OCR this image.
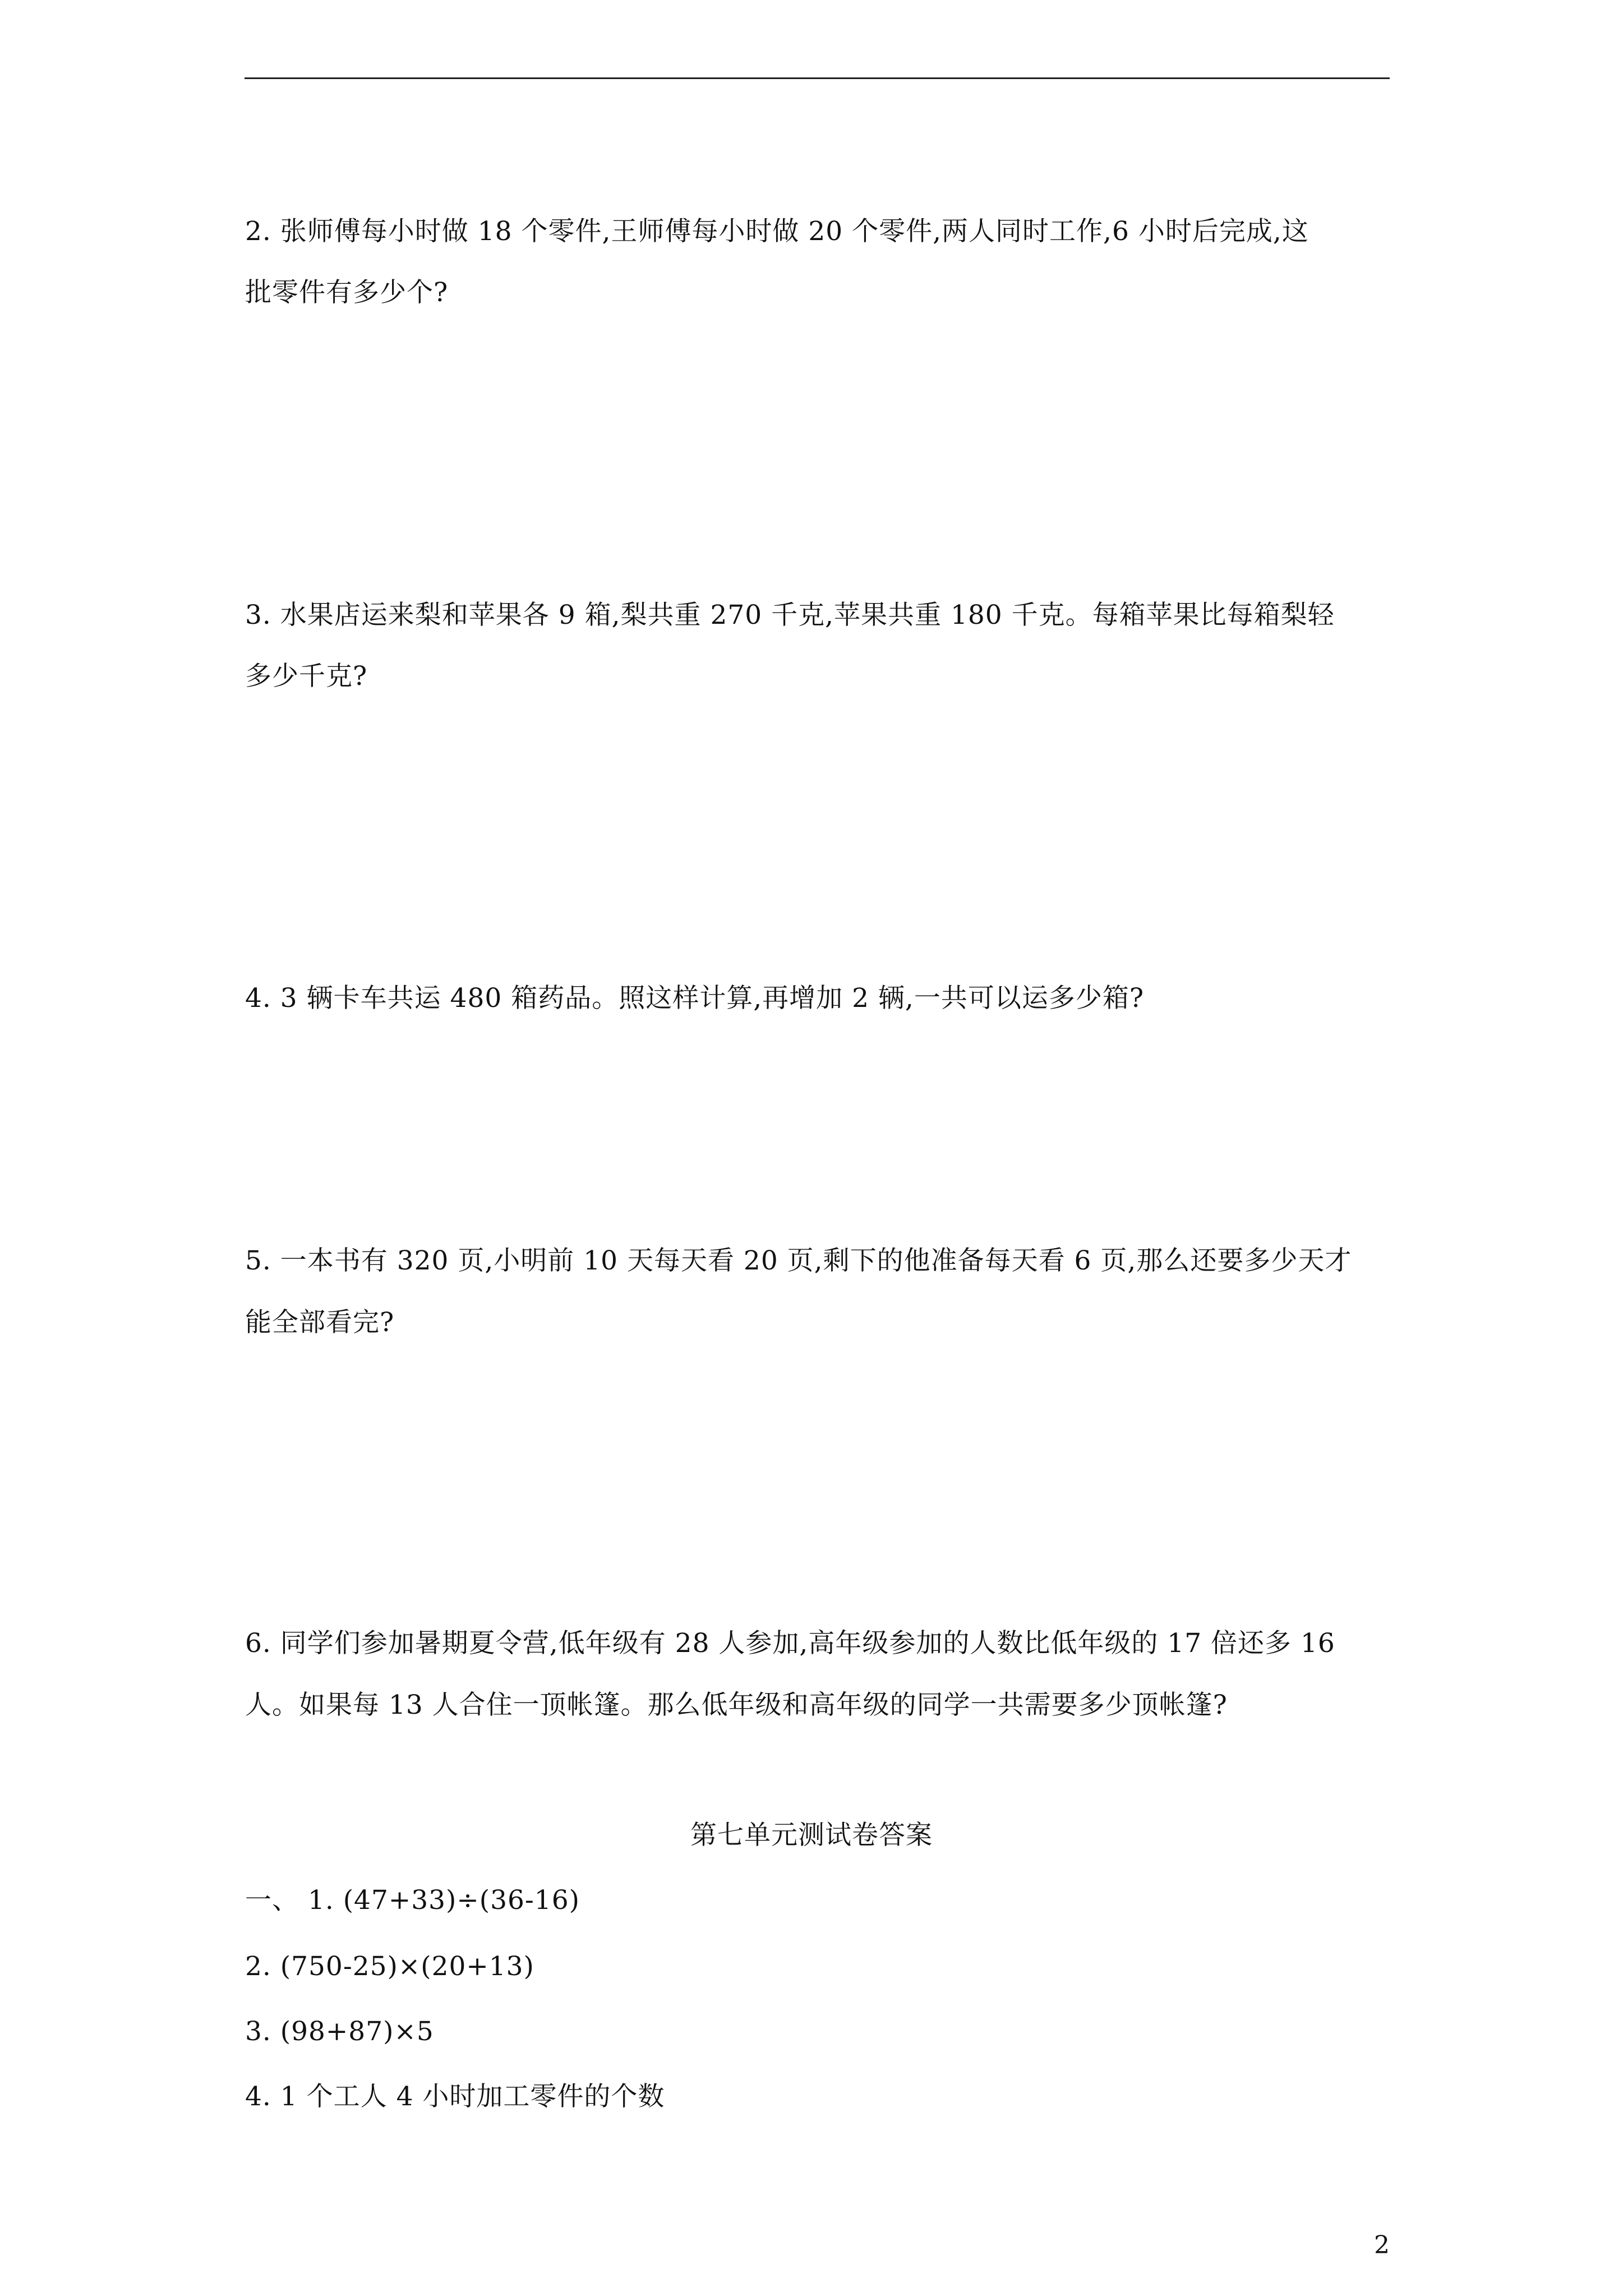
2. 张师傅每小时做 18 个零件,王师傅每小时做 20 个零件,两人同时工作,6 小时后完成,这
批零件有多少个?
3. 水果店运来梨和苹果各 9 箱,梨共重 270 千克,苹果共重 180 千克。每箱苹果比每箱梨轻
多少千克?
4. 3 辆卡车共运 480 箱药品。照这样计算,再增加 2 辆,一共可以运多少箱?
5. 一本书有 320 页,小明前 10 天每天看 20 页,剩下的他准备每天看 6 页,那么还要多少天才
能全部看完?
6. 同学们参加暑期夏令营,低年级有 28 人参加,高年级参加的人数比低年级的 17 倍还多 16
人。如果每 13 人合住一顶帐篷。那么低年级和高年级的同学一共需要多少顶帐篷?
第七单元测试卷答案
一、 1. (47+33)÷(36-16)
2. (750-25)×(20+13)
3. (98+87)×5
4. 1 个工人 4 小时加工零件的个数
2
